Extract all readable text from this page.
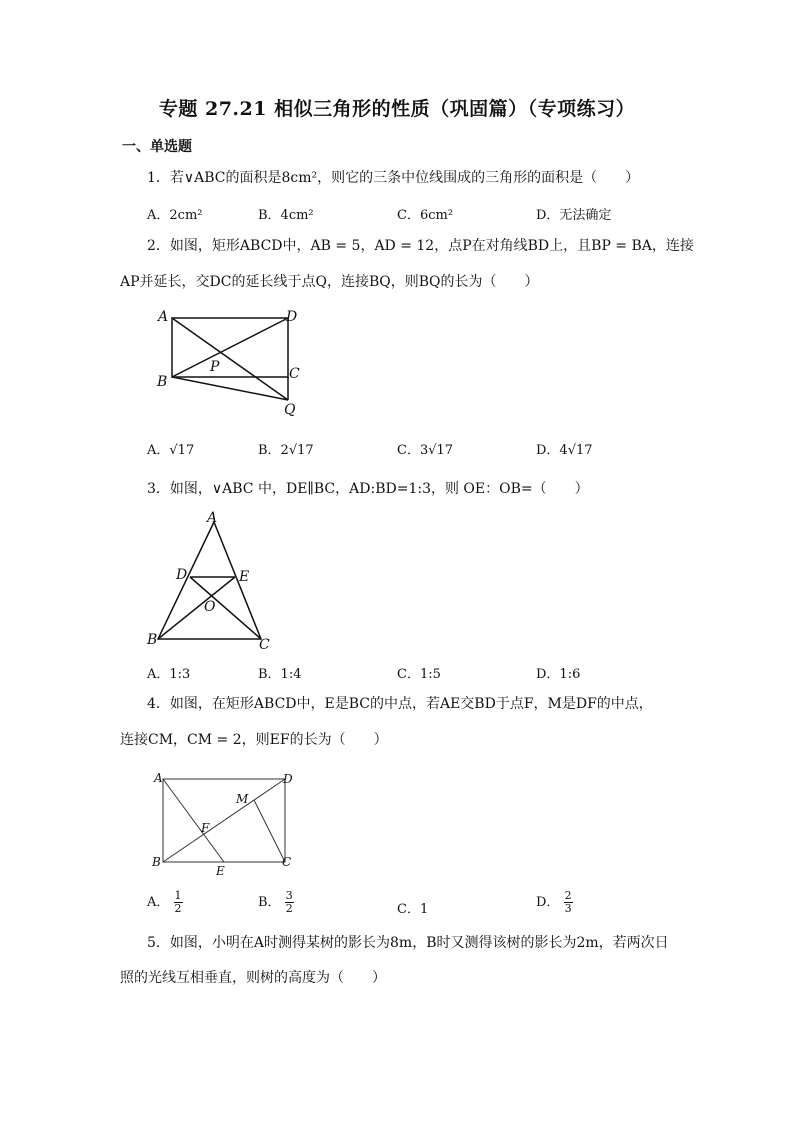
专题 27.21 相似三角形的性质（巩固篇）（专项练习）
一、单选题
1．若∨ABC的面积是8cm²，则它的三条中位线围成的三角形的面积是（　　）
A．2cm²	B．4cm²	C．6cm²	D．无法确定
2．如图，矩形ABCD中，AB = 5，AD = 12，点P在对角线BD上，且BP = BA，连接
AP并延长，交DC的延长线于点Q，连接BQ，则BQ的长为（　　）
A	D
B	C
P
Q
A．√17	B．2√17	C．3√17	D．4√17
3．如图，∨ABC 中，DE∥BC，AD:BD=1:3，则 OE：OB=（　　）
A
D	E
O
B	C
A．1:3	B．1:4	C．1:5	D．1:6
4．如图，在矩形ABCD中，E是BC的中点，若AE交BD于点F，M是DF的中点，
连接CM，CM = 2，则EF的长为（　　）
A	D
M
F
B
E
C
A． $\frac{1}{2}$	B． $\frac{3}{2}$	C．1	D． $\frac{2}{3}$
5．如图，小明在A时测得某树的影长为8m，B时又测得该树的影长为2m，若两次日
照的光线互相垂直，则树的高度为（　　）
